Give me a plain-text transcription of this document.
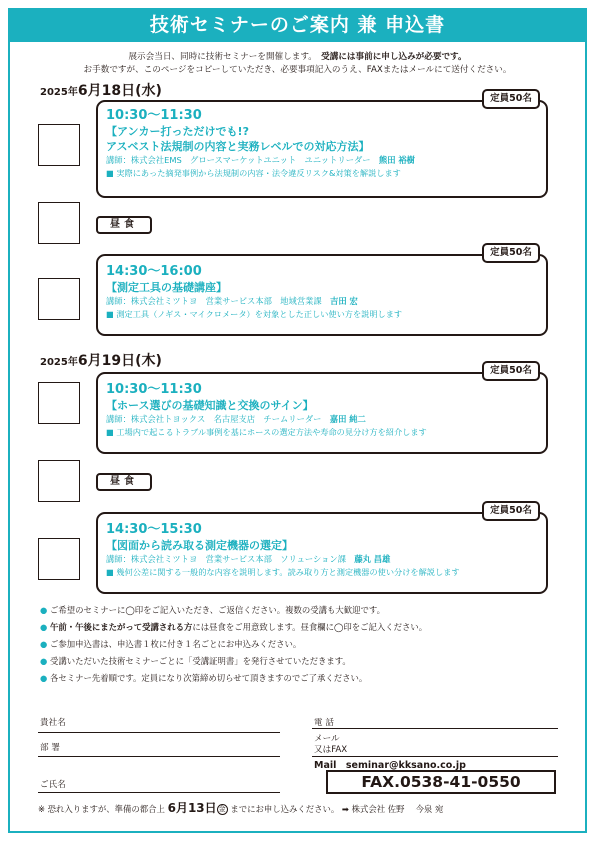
技術セミナーのご案内 兼 申込書
展示会当日、同時に技術セミナーを開催します。　 受講には事前に申し込みが必要です。
お手数ですが、このページをコピーしていただき、必要事項記入のうえ、FAXまたはメールにて送付ください。
2025年6月18日(水)	定員50名
10:30〜11:30
【アンカー打っただけでも!?
アスベスト法規制の内容と実務レベルでの対応方法】
講師：株式会社EMS　グロースマーケットユニット　ユニットリーダー　熊田 裕樹
■ 実際にあった摘発事例から法規制の内容・法令違反リスク&対策を解説します
昼食
定員50名
14:30〜16:00
【測定工具の基礎講座】
講師：株式会社ミツトヨ　営業サービス本部　地域営業課　吉田 宏
■ 測定工具（ノギス・マイクロメータ）を対象とした正しい使い方を説明します
2025年6月19日(木)
定員50名
10:30〜11:30
【ホース選びの基礎知識と交換のサイン】
講師：株式会社トヨックス　名古屋支店　チームリーダー　嘉田 純二
■ 工場内で起こるトラブル事例を基にホースの選定方法や寿命の見分け方を紹介します
昼食
定員50名
14:30〜15:30
【図面から読み取る測定機器の選定】
講師：株式会社ミツトヨ　営業サービス本部　ソリューション課　藤丸 昌雄
■ 幾何公差に関する一般的な内容を説明します。読み取り方と測定機器の使い分けを解説します
● ご希望のセミナーに◯印をご記入いただき、ご返信ください。複数の受講も大歓迎です。
● 午前・午後にまたがって受講される方には昼食をご用意致します。昼食欄に◯印をご記入ください。
● ご参加申込書は、申込書１枚に付き１名ごとにお申込みください。
● 受講いただいた技術セミナーごとに「受講証明書」を発行させていただきます。
● 各セミナー先着順です。定員になり次第締め切らせて頂きますのでご了承ください。
貴社名
部 署
ご氏名
電 話
メール
又はFAX
Mail　 seminar@kksano.co.jp
FAX.0538-41-0550
※ 恐れ入りますが、準備の都合上 6月13日 金 までにお申し込みください。 ➡ 株式会社 佐野　 今泉 宛
